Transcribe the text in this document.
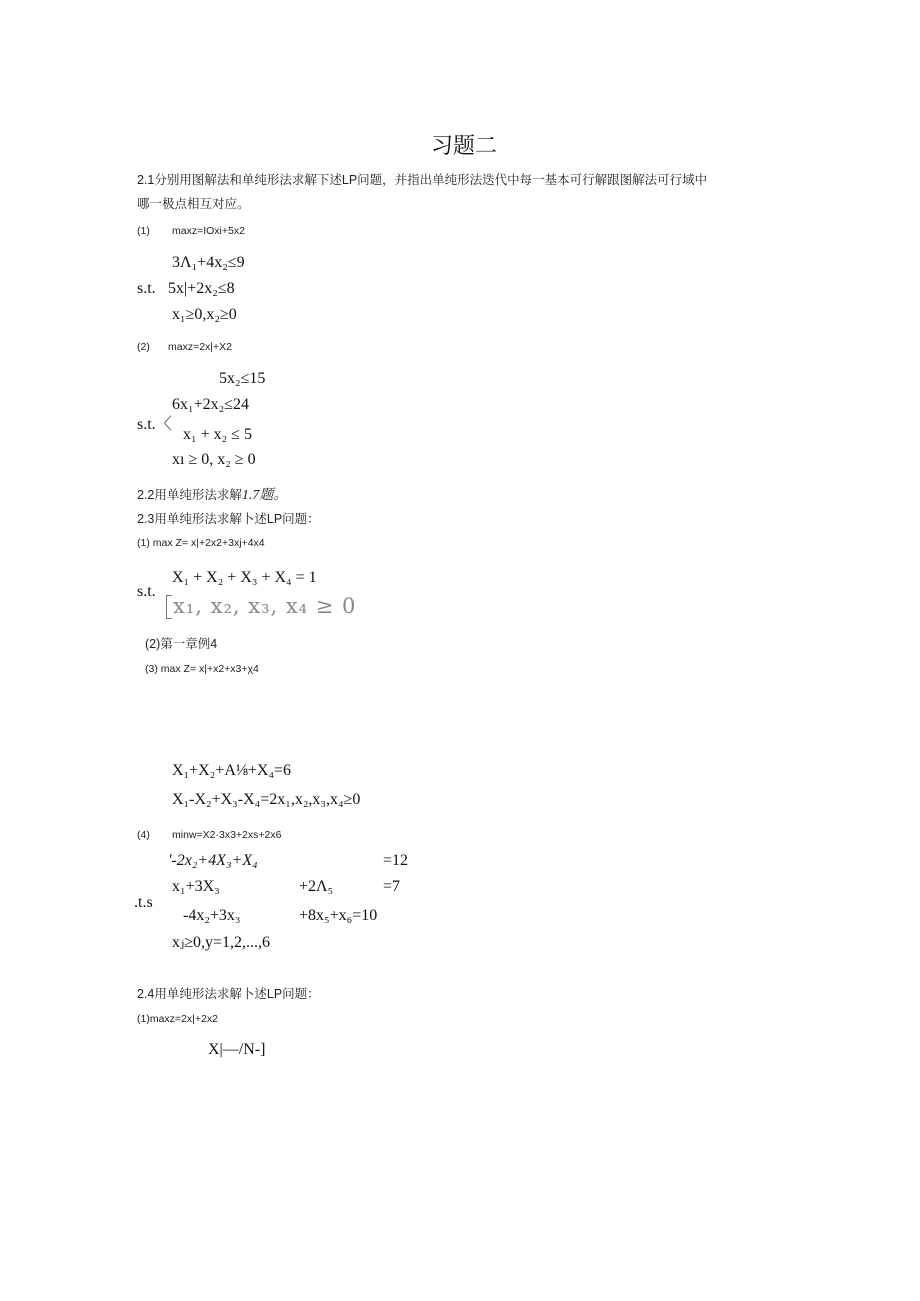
习题二
2.1分别用图解法和单纯形法求解下述LP问题，并指出单纯形法迭代中每一基本可行解跟图解法可行域中
哪一极点相互对应。
(1) maxz=IOxi+5x2
3Λ₁+4x₂≤9
s.t. 5x|+2x₂≤8
x₁≥0,x₂≥0
(2) maxz=2x|+X2
5x₂≤15
6x₁+2x₂≤24
s.t.〈
x₁ + x₂ ≤ 5
xı ≥ 0, x₂ ≥ 0
2.2用单纯形法求解1.7题。
2.3用单纯形法求解卜述LP问题：
(1) max Z= x|+2x2+3xj+4x4
X₁ + X₂ + X₃ + X₄ = 1
s.t.
x₁, x₂, x₃, x₄ ≥ 0
(2)第一章例4
(3) max Z= x|+x2+x3+χ4
X₁+X₂+A⅛+X₄=6
X₁-X₂+X₃-X₄=2x₁,x₂,x₃,x₄≥0
(4) minw=X2·3x3+2xs+2x6
'-2x₂+4X₃+X₄	=12
x₁+3X₃	+2Λ₅	=7
.t.s
-4x₂+3x₃	+8x₅+x₆=10
xⱼ≥0,y=1,2,...,6
2.4用单纯形法求解卜述LP问题：
(1)maxz=2x|+2x2
X|—/N-]
